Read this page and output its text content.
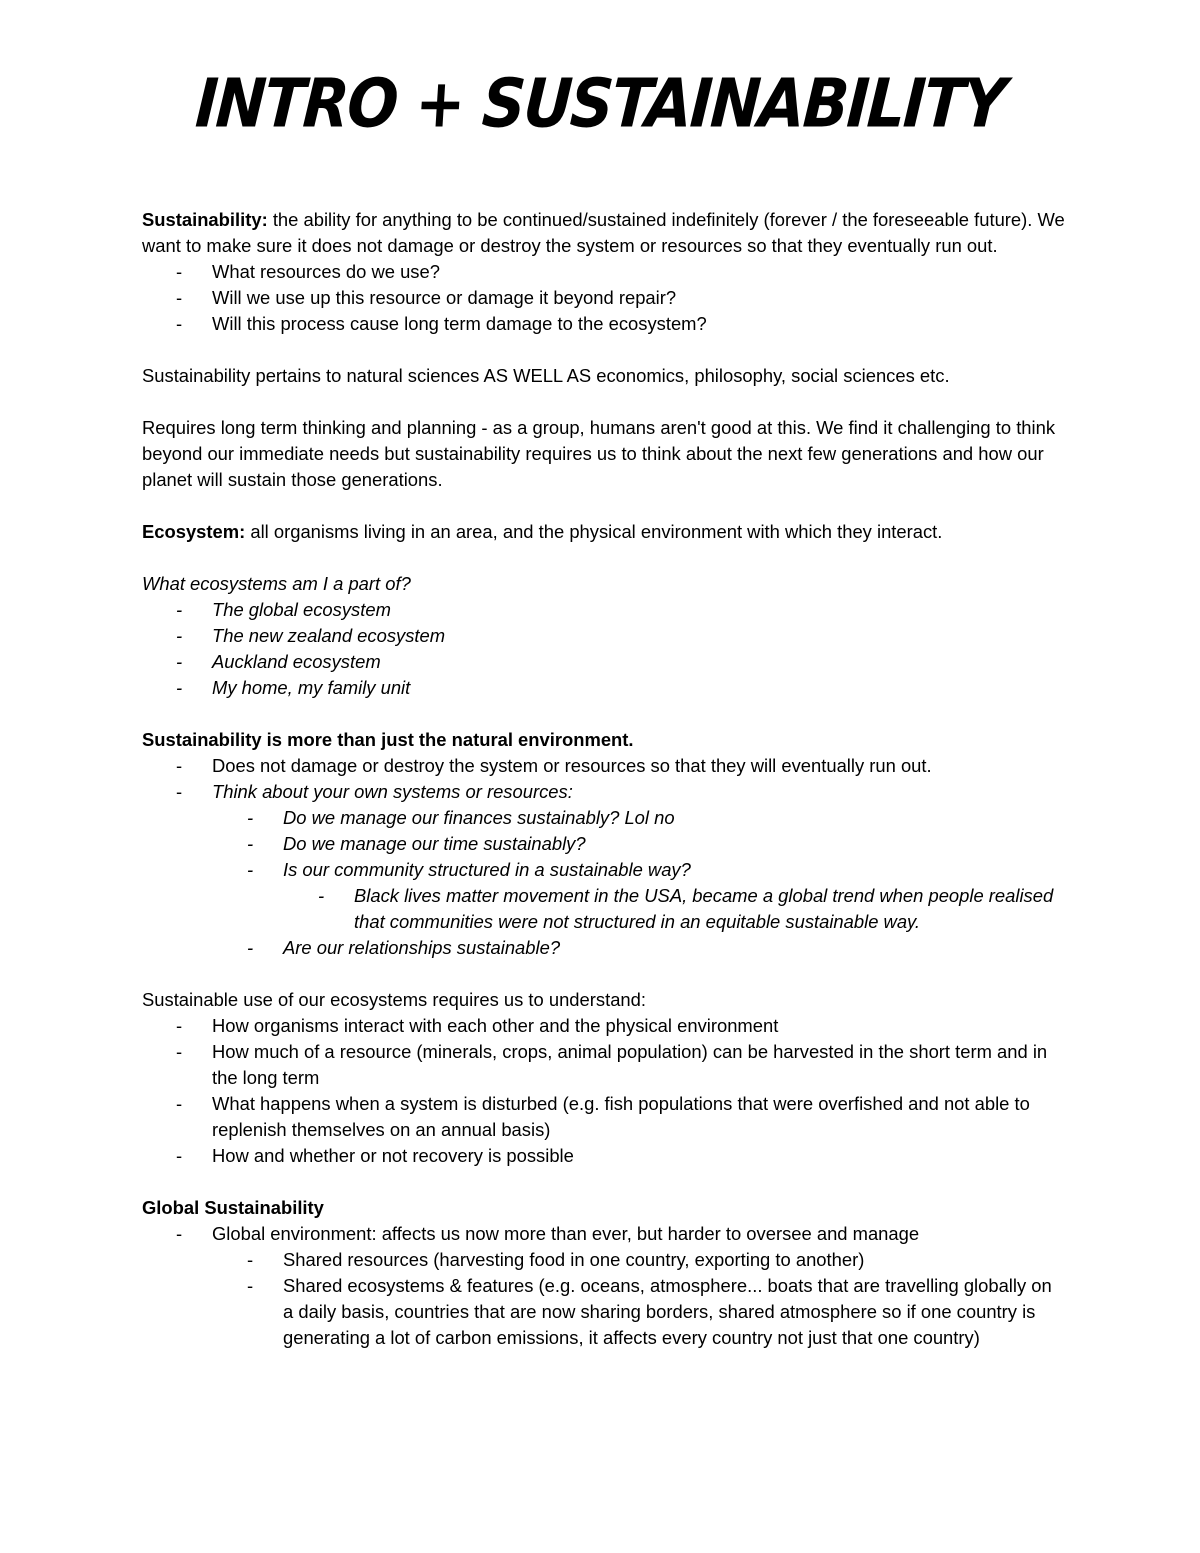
INTRO + SUSTAINABILITY

Sustainability: the ability for anything to be continued/sustained indefinitely (forever / the foreseeable future). We want to make sure it does not damage or destroy the system or resources so that they eventually run out.

- What resources do we use?
- Will we use up this resource or damage it beyond repair?
- Will this process cause long term damage to the ecosystem?

Sustainability pertains to natural sciences AS WELL AS economics, philosophy, social sciences etc.

Requires long term thinking and planning - as a group, humans aren't good at this. We find it challenging to think beyond our immediate needs but sustainability requires us to think about the next few generations and how our planet will sustain those generations.

Ecosystem: all organisms living in an area, and the physical environment with which they interact.

What ecosystems am I a part of?

- The global ecosystem
- The new zealand ecosystem
- Auckland ecosystem
- My home, my family unit

Sustainability is more than just the natural environment.

- Does not damage or destroy the system or resources so that they will eventually run out.
- Think about your own systems or resources:
- Do we manage our finances sustainably? Lol no
- Do we manage our time sustainably?
- Is our community structured in a sustainable way?
- Black lives matter movement in the USA, became a global trend when people realised that communities were not structured in an equitable sustainable way.
- Are our relationships sustainable?

Sustainable use of our ecosystems requires us to understand:

- How organisms interact with each other and the physical environment
- How much of a resource (minerals, crops, animal population) can be harvested in the short term and in the long term
- What happens when a system is disturbed (e.g. fish populations that were overfished and not able to replenish themselves on an annual basis)
- How and whether or not recovery is possible

Global Sustainability

- Global environment: affects us now more than ever, but harder to oversee and manage
- Shared resources (harvesting food in one country, exporting to another)
- Shared ecosystems & features (e.g. oceans, atmosphere... boats that are travelling globally on a daily basis, countries that are now sharing borders, shared atmosphere so if one country is generating a lot of carbon emissions, it affects every country not just that one country)
